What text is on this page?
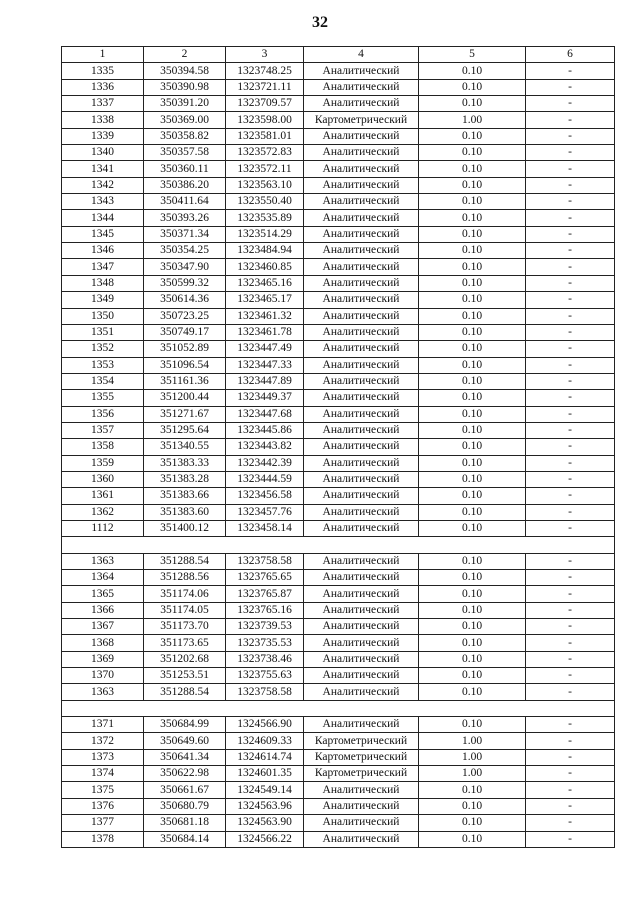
32
1	2	3	4	5	6
1335	350394.58	1323748.25	Аналитический	0.10	-
1336	350390.98	1323721.11	Аналитический	0.10	-
1337	350391.20	1323709.57	Аналитический	0.10	-
1338	350369.00	1323598.00	Картометрический	1.00	-
1339	350358.82	1323581.01	Аналитический	0.10	-
1340	350357.58	1323572.83	Аналитический	0.10	-
1341	350360.11	1323572.11	Аналитический	0.10	-
1342	350386.20	1323563.10	Аналитический	0.10	-
1343	350411.64	1323550.40	Аналитический	0.10	-
1344	350393.26	1323535.89	Аналитический	0.10	-
1345	350371.34	1323514.29	Аналитический	0.10	-
1346	350354.25	1323484.94	Аналитический	0.10	-
1347	350347.90	1323460.85	Аналитический	0.10	-
1348	350599.32	1323465.16	Аналитический	0.10	-
1349	350614.36	1323465.17	Аналитический	0.10	-
1350	350723.25	1323461.32	Аналитический	0.10	-
1351	350749.17	1323461.78	Аналитический	0.10	-
1352	351052.89	1323447.49	Аналитический	0.10	-
1353	351096.54	1323447.33	Аналитический	0.10	-
1354	351161.36	1323447.89	Аналитический	0.10	-
1355	351200.44	1323449.37	Аналитический	0.10	-
1356	351271.67	1323447.68	Аналитический	0.10	-
1357	351295.64	1323445.86	Аналитический	0.10	-
1358	351340.55	1323443.82	Аналитический	0.10	-
1359	351383.33	1323442.39	Аналитический	0.10	-
1360	351383.28	1323444.59	Аналитический	0.10	-
1361	351383.66	1323456.58	Аналитический	0.10	-
1362	351383.60	1323457.76	Аналитический	0.10	-
1112	351400.12	1323458.14	Аналитический	0.10	-

1363	351288.54	1323758.58	Аналитический	0.10	-
1364	351288.56	1323765.65	Аналитический	0.10	-
1365	351174.06	1323765.87	Аналитический	0.10	-
1366	351174.05	1323765.16	Аналитический	0.10	-
1367	351173.70	1323739.53	Аналитический	0.10	-
1368	351173.65	1323735.53	Аналитический	0.10	-
1369	351202.68	1323738.46	Аналитический	0.10	-
1370	351253.51	1323755.63	Аналитический	0.10	-
1363	351288.54	1323758.58	Аналитический	0.10	-

1371	350684.99	1324566.90	Аналитический	0.10	-
1372	350649.60	1324609.33	Картометрический	1.00	-
1373	350641.34	1324614.74	Картометрический	1.00	-
1374	350622.98	1324601.35	Картометрический	1.00	-
1375	350661.67	1324549.14	Аналитический	0.10	-
1376	350680.79	1324563.96	Аналитический	0.10	-
1377	350681.18	1324563.90	Аналитический	0.10	-
1378	350684.14	1324566.22	Аналитический	0.10	-
